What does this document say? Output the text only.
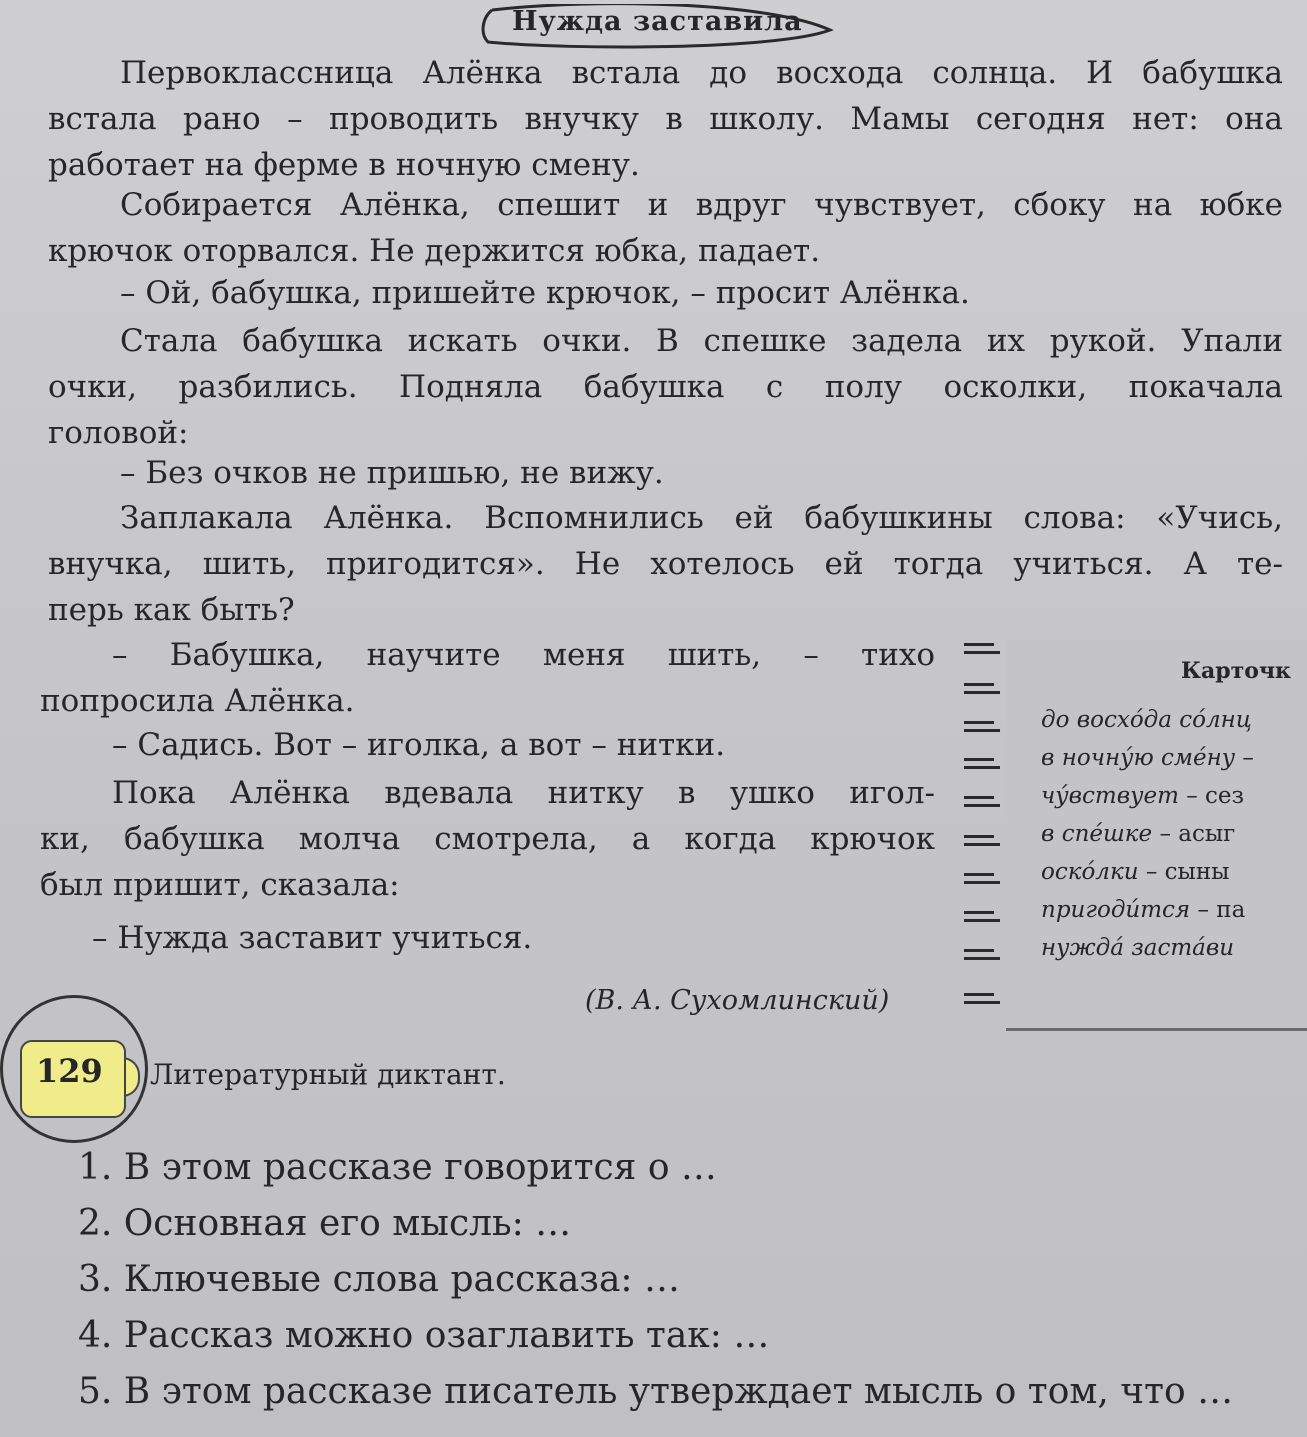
Нужда заставила

Первоклассница Алёнка встала до восхода солнца. И бабушка
встала рано – проводить внучку в школу. Мамы сегодня нет: она
работает на ферме в ночную смену.

Собирается Алёнка, спешит и вдруг чувствует, сбоку на юбке
крючок оторвался. Не держится юбка, падает.

– Ой, бабушка, пришейте крючок, – просит Алёнка.

Стала бабушка искать очки. В спешке задела их рукой. Упали
очки, разбились. Подняла бабушка с полу осколки, покачала
головой:

– Без очков не пришью, не вижу.

Заплакала Алёнка. Вспомнились ей бабушкины слова: «Учись,
внучка, шить, пригодится». Не хотелось ей тогда учиться. А те-
перь как быть?

– Бабушка, научите меня шить, – тихо
попросила Алёнка.

– Садись. Вот – иголка, а вот – нитки.

Пока Алёнка вдевала нитку в ушко игол-
ки, бабушка молча смотрела, а когда крючок
был пришит, сказала:

– Нужда заставит учиться.

(В. А. Сухомлинский)
Карточк
до восхо́да со́лнц
в ночну́ю сме́ну –
чу́вствует – сез
в спе́шке – асыг
оско́лки – сыны
пригоди́тся – па
нужда́ заста́ви
129 Литературный диктант.
1. В этом рассказе говорится о …
2. Основная его мысль: …
3. Ключевые слова рассказа: …
4. Рассказ можно озаглавить так: …
5. В этом рассказе писатель утверждает мысль о том, что …
